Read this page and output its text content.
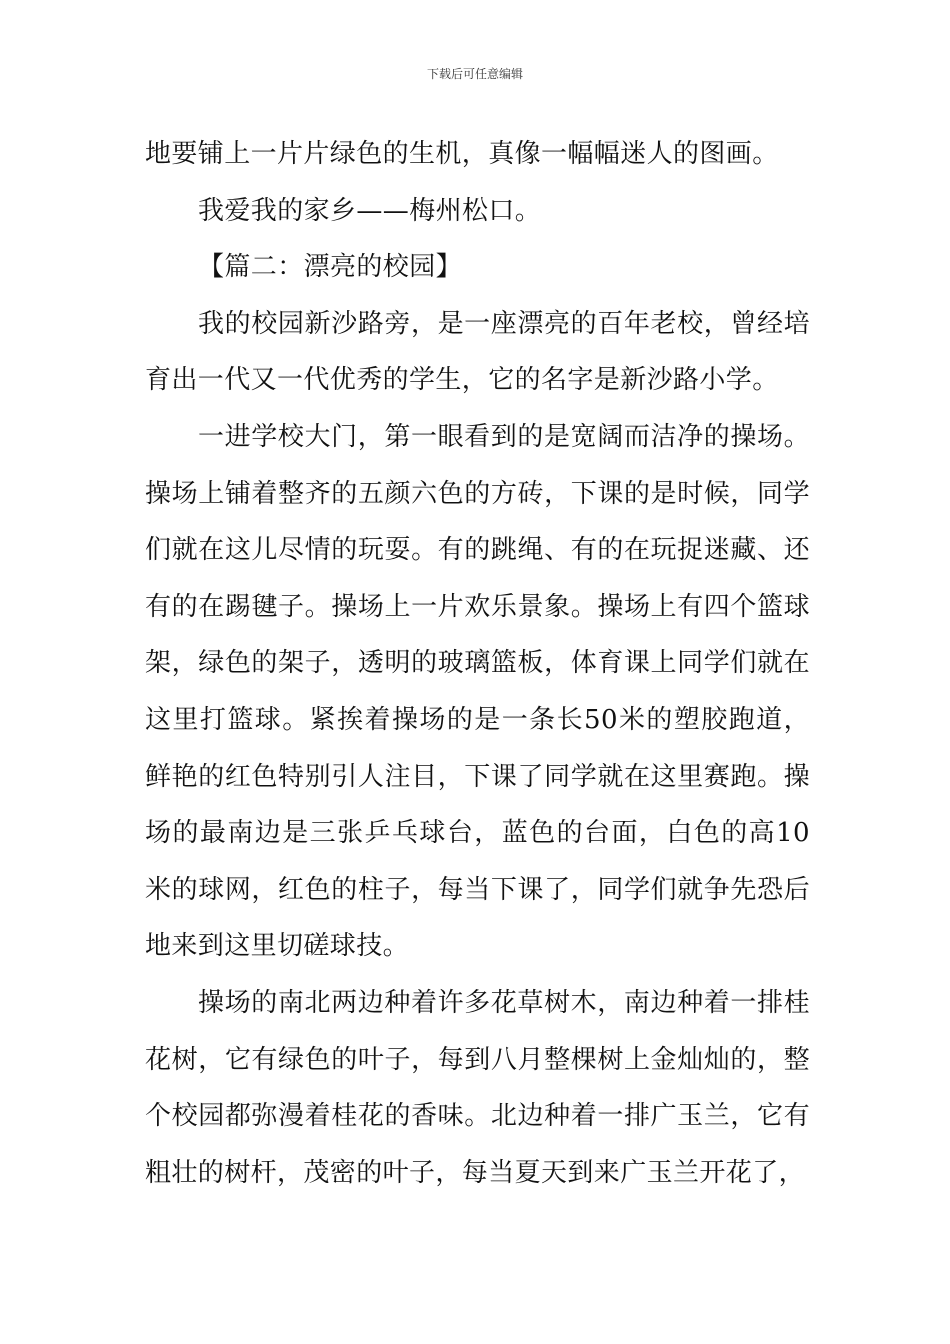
下载后可任意编辑

地要铺上一片片绿色的生机，真像一幅幅迷人的图画。

我爱我的家乡——梅州松口。

【篇二：漂亮的校园】

我的校园新沙路旁，是一座漂亮的百年老校，曾经培育出一代又一代优秀的学生，它的名字是新沙路小学。

一进学校大门，第一眼看到的是宽阔而洁净的操场。操场上铺着整齐的五颜六色的方砖，下课的是时候，同学们就在这儿尽情的玩耍。有的跳绳、有的在玩捉迷藏、还有的在踢毽子。操场上一片欢乐景象。操场上有四个篮球架，绿色的架子，透明的玻璃篮板，体育课上同学们就在这里打篮球。紧挨着操场的是一条长50米的塑胶跑道，鲜艳的红色特别引人注目，下课了同学就在这里赛跑。操场的最南边是三张乒乓球台，蓝色的台面，白色的高10米的球网，红色的柱子，每当下课了，同学们就争先恐后地来到这里切磋球技。

操场的南北两边种着许多花草树木，南边种着一排桂花树，它有绿色的叶子，每到八月整棵树上金灿灿的，整个校园都弥漫着桂花的香味。北边种着一排广玉兰，它有粗壮的树杆，茂密的叶子，每当夏天到来广玉兰开花了，
